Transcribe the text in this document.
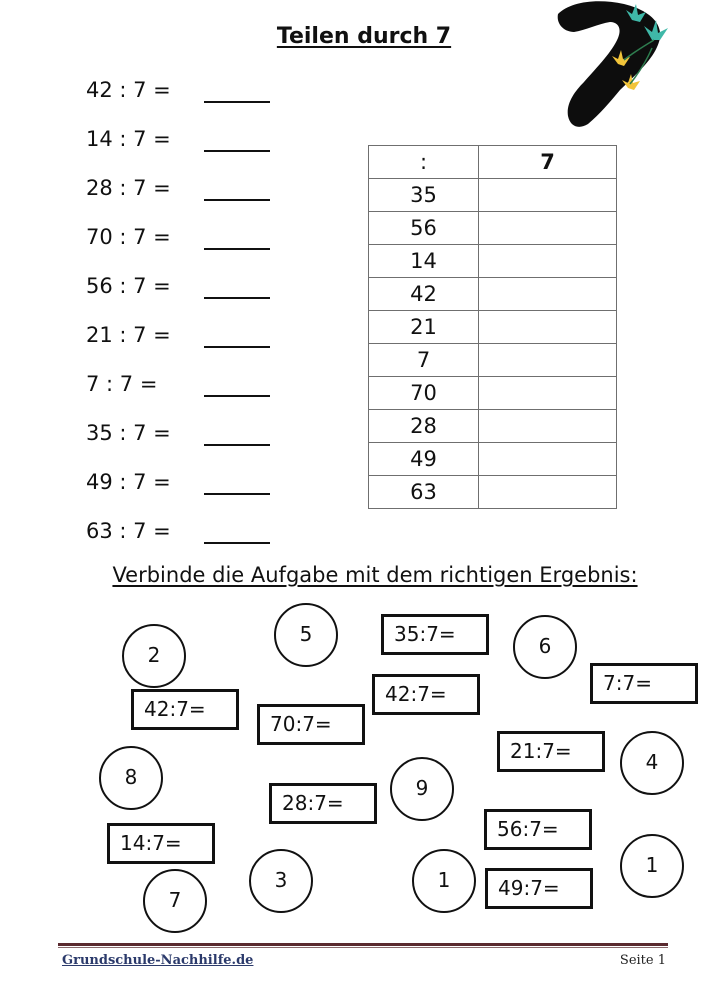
Teilen durch 7
42 : 7 =
14 : 7 =
28 : 7 =
70 : 7 =
56 : 7 =
21 : 7 =
7 : 7 =
35 : 7 =
49 : 7 =
63 : 7 =
:	7
35	
56	
14	
42	
21	
7	
70	
28	
49	
63	
Verbinde die Aufgabe mit dem richtigen Ergebnis:
35:7=
42:7=	7:7=
42:7=
70:7=
21:7=
28:7=
56:7=
14:7=
49:7=
5
2	6
4
8	9
1
3	1
7
Grundschule-Nachhilfe.de	Seite 1
